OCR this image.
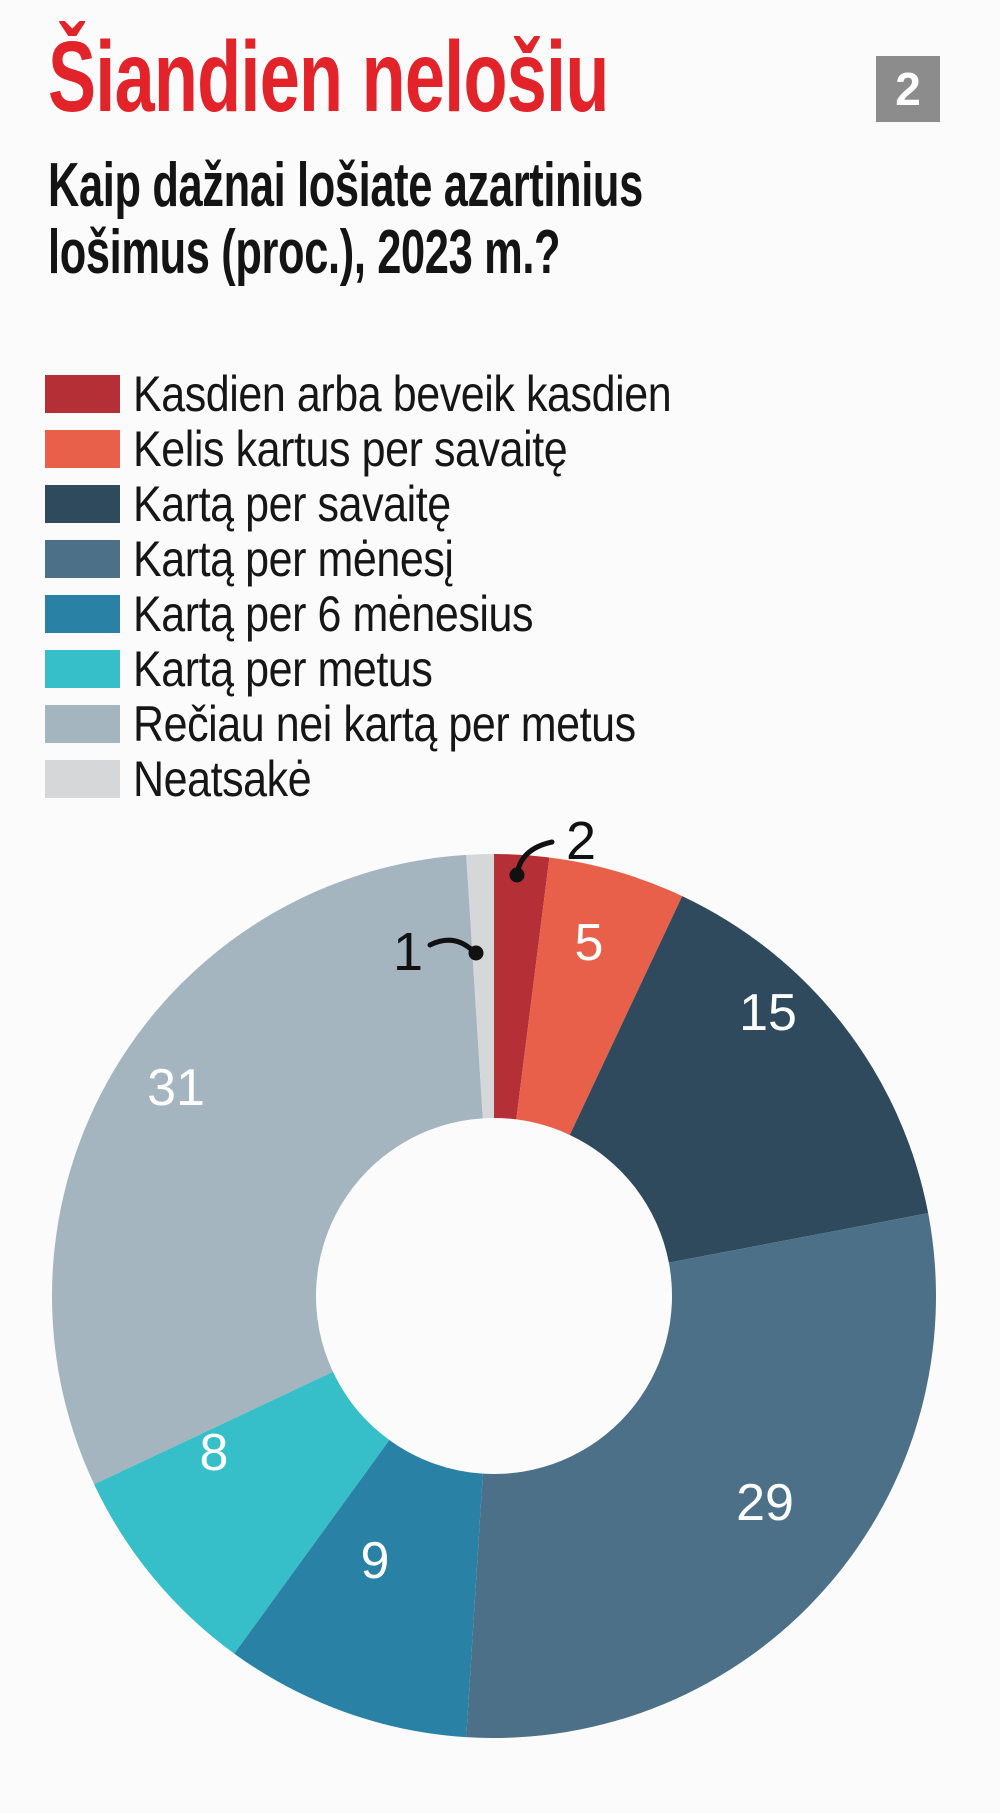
Šiandien nelošiu	2
Kaip dažnai lošiate azartinius
lošimus (proc.), 2023 m.?
Kasdien arba beveik kasdien
Kelis kartus per savaitę
Kartą per savaitę
Kartą per mėnesį
Kartą per 6 mėnesius
Kartą per metus
Rečiau nei kartą per metus
Neatsakė
5
15
29
9
8
31
2
1
